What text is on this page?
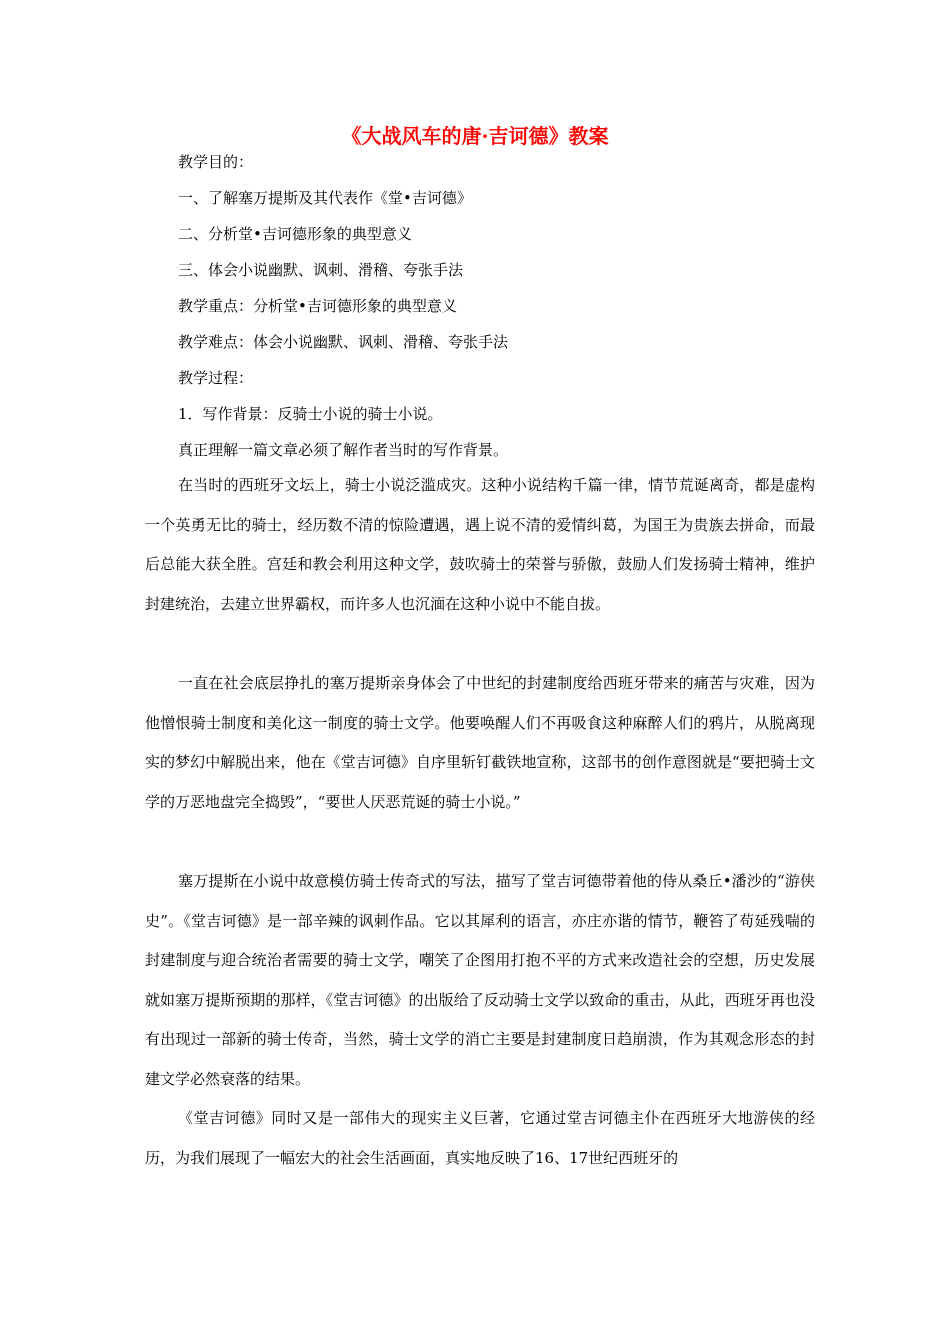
《大战风车的唐·吉诃德》教案

教学目的：

一、了解塞万提斯及其代表作《堂•吉诃德》

二、分析堂•吉诃德形象的典型意义

三、体会小说幽默、讽刺、滑稽、夸张手法

教学重点：分析堂•吉诃德形象的典型意义

教学难点：体会小说幽默、讽刺、滑稽、夸张手法

教学过程：

1．写作背景：反骑士小说的骑士小说。

真正理解一篇文章必须了解作者当时的写作背景。

在当时的西班牙文坛上，骑士小说泛滥成灾。这种小说结构千篇一律，情节荒诞离奇，都是虚构一个英勇无比的骑士，经历数不清的惊险遭遇，遇上说不清的爱情纠葛，为国王为贵族去拼命，而最后总能大获全胜。宫廷和教会利用这种文学，鼓吹骑士的荣誉与骄傲，鼓励人们发扬骑士精神，维护封建统治，去建立世界霸权，而许多人也沉湎在这种小说中不能自拔。

一直在社会底层挣扎的塞万提斯亲身体会了中世纪的封建制度给西班牙带来的痛苦与灾难，因为他憎恨骑士制度和美化这一制度的骑士文学。他要唤醒人们不再吸食这种麻醉人们的鸦片，从脱离现实的梦幻中解脱出来，他在《堂吉诃德》自序里斩钉截铁地宣称，这部书的创作意图就是“要把骑士文学的万恶地盘完全捣毁”，“要世人厌恶荒诞的骑士小说。”

塞万提斯在小说中故意模仿骑士传奇式的写法，描写了堂吉诃德带着他的侍从桑丘•潘沙的“游侠史”。《堂吉诃德》是一部辛辣的讽刺作品。它以其犀利的语言，亦庄亦谐的情节，鞭笞了苟延残喘的封建制度与迎合统治者需要的骑士文学，嘲笑了企图用打抱不平的方式来改造社会的空想，历史发展就如塞万提斯预期的那样，《堂吉诃德》的出版给了反动骑士文学以致命的重击，从此，西班牙再也没有出现过一部新的骑士传奇，当然，骑士文学的消亡主要是封建制度日趋崩溃，作为其观念形态的封建文学必然衰落的结果。

《堂吉诃德》同时又是一部伟大的现实主义巨著，它通过堂吉诃德主仆在西班牙大地游侠的经历，为我们展现了一幅宏大的社会生活画面，真实地反映了16、17世纪西班牙的
